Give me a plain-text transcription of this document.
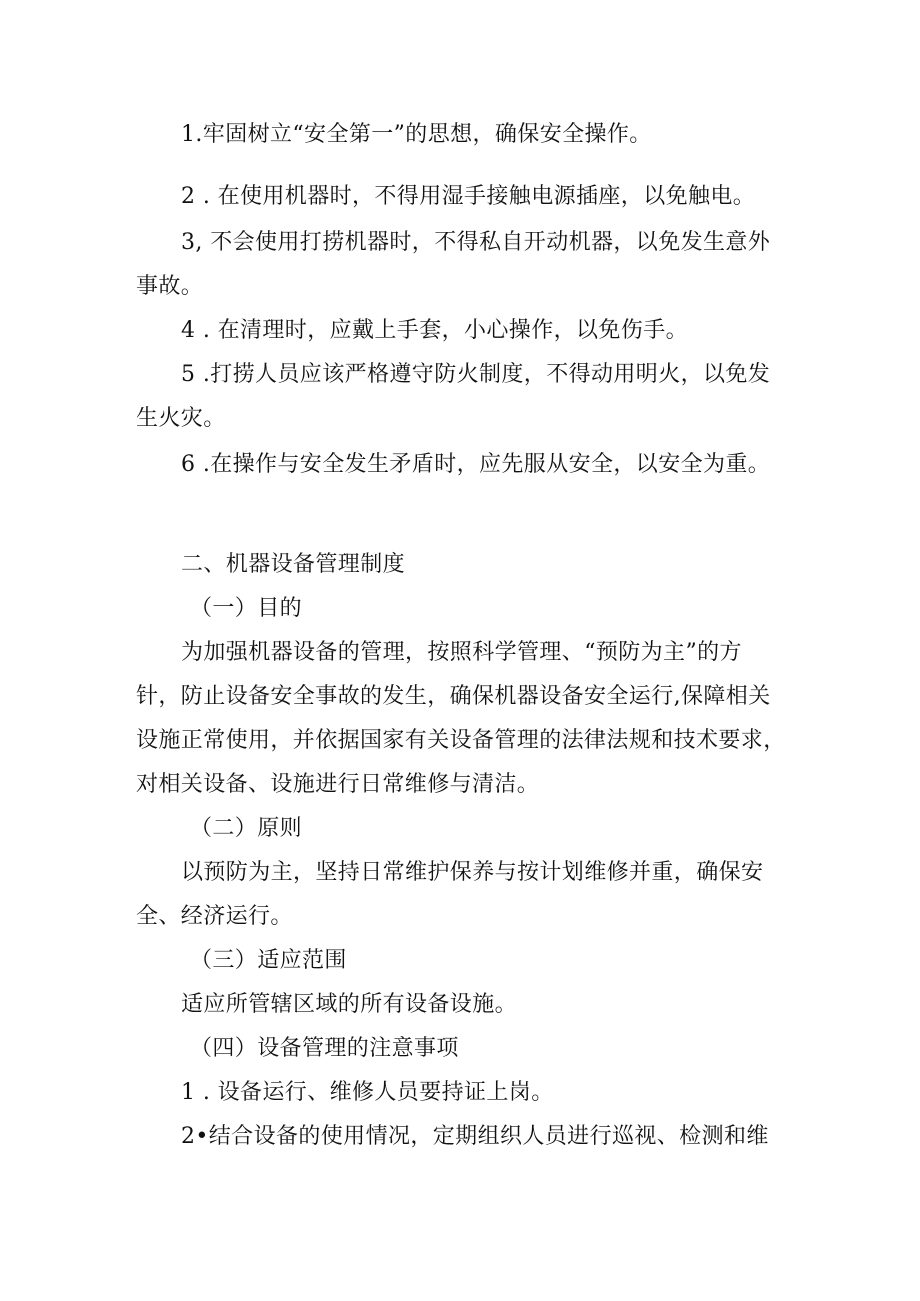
1.牢固树立“安全第一”的思想，确保安全操作。
2 . 在使用机器时，不得用湿手接触电源插座，以免触电。
3, 不会使用打捞机器时，不得私自开动机器，以免发生意外
事故。
4 . 在清理时，应戴上手套，小心操作，以免伤手。
5 .打捞人员应该严格遵守防火制度，不得动用明火，以免发
生火灾。
6 .在操作与安全发生矛盾时，应先服从安全，以安全为重。
二、机器设备管理制度
（一）目的
为加强机器设备的管理，按照科学管理、“预防为主”的方
针，防止设备安全事故的发生，确保机器设备安全运行,保障相关
设施正常使用，并依据国家有关设备管理的法律法规和技术要求，
对相关设备、设施进行日常维修与清洁。
（二）原则
以预防为主，坚持日常维护保养与按计划维修并重，确保安
全、经济运行。
（三）适应范围
适应所管辖区域的所有设备设施。
（四）设备管理的注意事项
1 . 设备运行、维修人员要持证上岗。
2•结合设备的使用情况，定期组织人员进行巡视、检测和维
